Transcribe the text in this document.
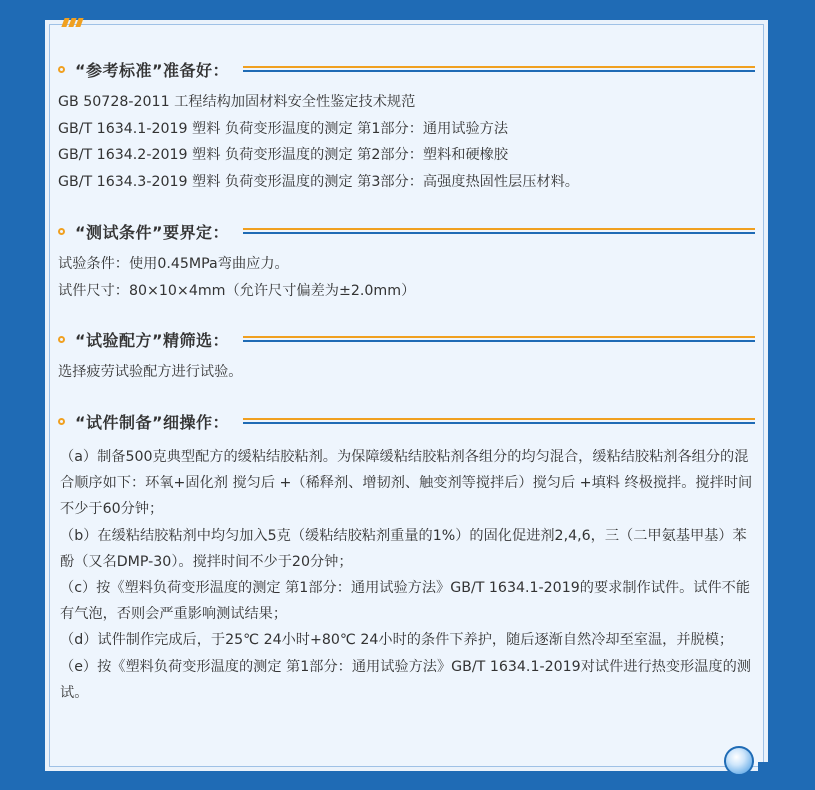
“参考标准”准备好：
GB 50728-2011 工程结构加固材料安全性鉴定技术规范
GB/T 1634.1-2019 塑料 负荷变形温度的测定 第1部分：通用试验方法
GB/T 1634.2-2019 塑料 负荷变形温度的测定 第2部分：塑料和硬橡胶
GB/T 1634.3-2019 塑料 负荷变形温度的测定 第3部分：高强度热固性层压材料。
“测试条件”要界定：
试验条件：使用0.45MPa弯曲应力。
试件尺寸：80×10×4mm（允许尺寸偏差为±2.0mm）
“试验配方”精筛选：
选择疲劳试验配方进行试验。
“试件制备”细操作：
（a）制备500克典型配方的缓粘结胶粘剂。为保障缓粘结胶粘剂各组分的均匀混合，缓粘结胶粘剂各组分的混合顺序如下：环氧+固化剂 搅匀后 +（稀释剂、增韧剂、触变剂等搅拌后）搅匀后 +填料 终极搅拌。搅拌时间不少于60分钟；
（b）在缓粘结胶粘剂中均匀加入5克（缓粘结胶粘剂重量的1%）的固化促进剂2,4,6，三（二甲氨基甲基）苯酚（又名DMP-30）。搅拌时间不少于20分钟；
（c）按《塑料负荷变形温度的测定 第1部分：通用试验方法》GB/T 1634.1-2019的要求制作试件。试件不能有气泡，否则会严重影响测试结果；
（d）试件制作完成后，于25℃ 24小时+80℃ 24小时的条件下养护，随后逐渐自然冷却至室温，并脱模；
（e）按《塑料负荷变形温度的测定 第1部分：通用试验方法》GB/T 1634.1-2019对试件进行热变形温度的测试。
